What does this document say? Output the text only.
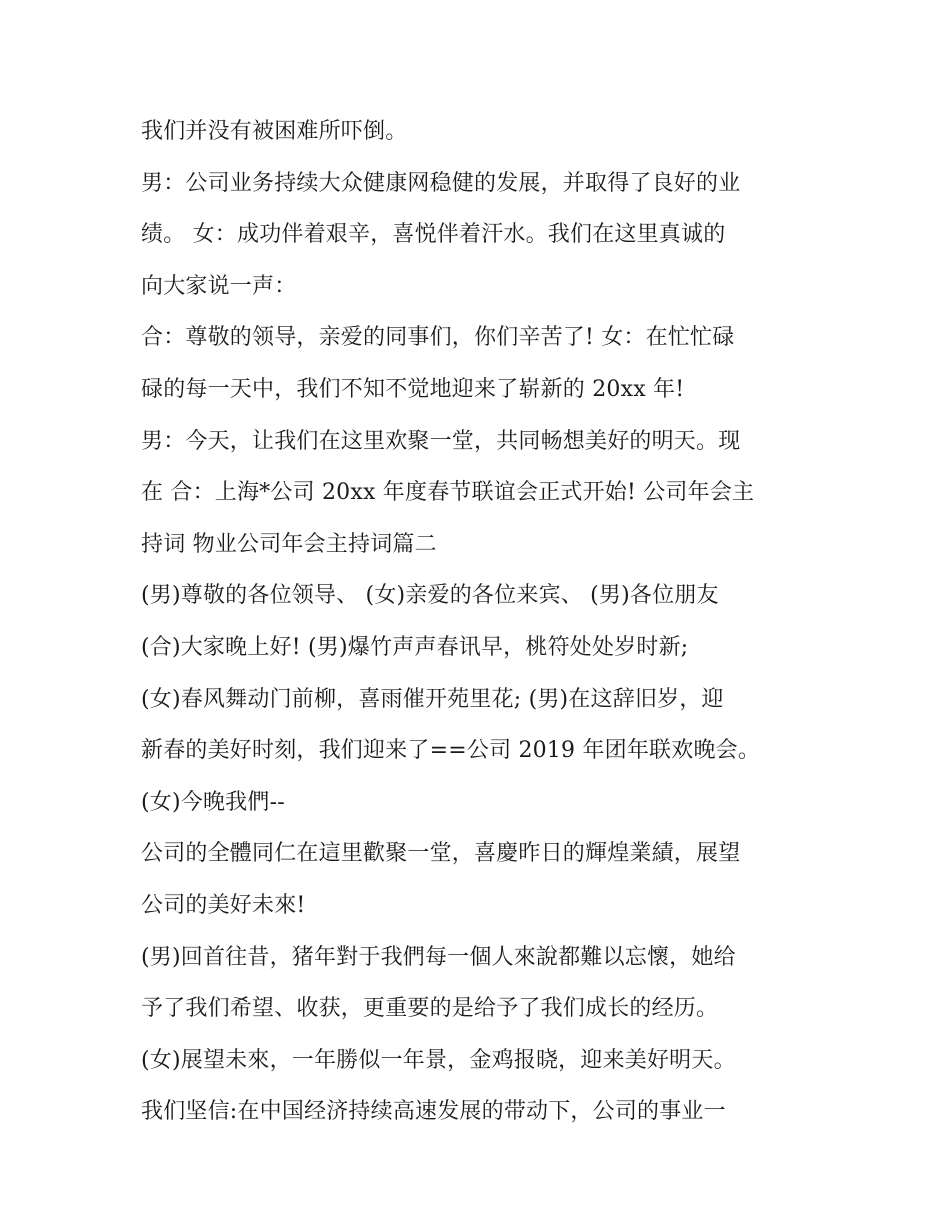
我们并没有被困难所吓倒。
男：公司业务持续大众健康网稳健的发展，并取得了良好的业
绩。 女：成功伴着艰辛，喜悦伴着汗水。我们在这里真诚的
向大家说一声：
合：尊敬的领导，亲爱的同事们，你们辛苦了! 女：在忙忙碌
碌的每一天中，我们不知不觉地迎来了崭新的 20xx 年!
男：今天，让我们在这里欢聚一堂，共同畅想美好的明天。现
在 合：上海*公司 20xx 年度春节联谊会正式开始! 公司年会主
持词 物业公司年会主持词篇二
(男)尊敬的各位领导、 (女)亲爱的各位来宾、 (男)各位朋友
(合)大家晚上好! (男)爆竹声声春讯早，桃符处处岁时新;
(女)春风舞动门前柳，喜雨催开苑里花; (男)在这辞旧岁，迎
新春的美好时刻，我们迎来了==公司 2019 年团年联欢晚会。
(女)今晚我們--
公司的全體同仁在這里歡聚一堂，喜慶昨日的輝煌業績，展望
公司的美好未來!
(男)回首往昔，猪年對于我們每一個人來說都難以忘懷，她给
予了我们希望、收获，更重要的是给予了我们成长的经历。
(女)展望未來，一年勝似一年景，金鸡报晓，迎来美好明天。
我们坚信:在中国经济持续高速发展的带动下，公司的事业一
